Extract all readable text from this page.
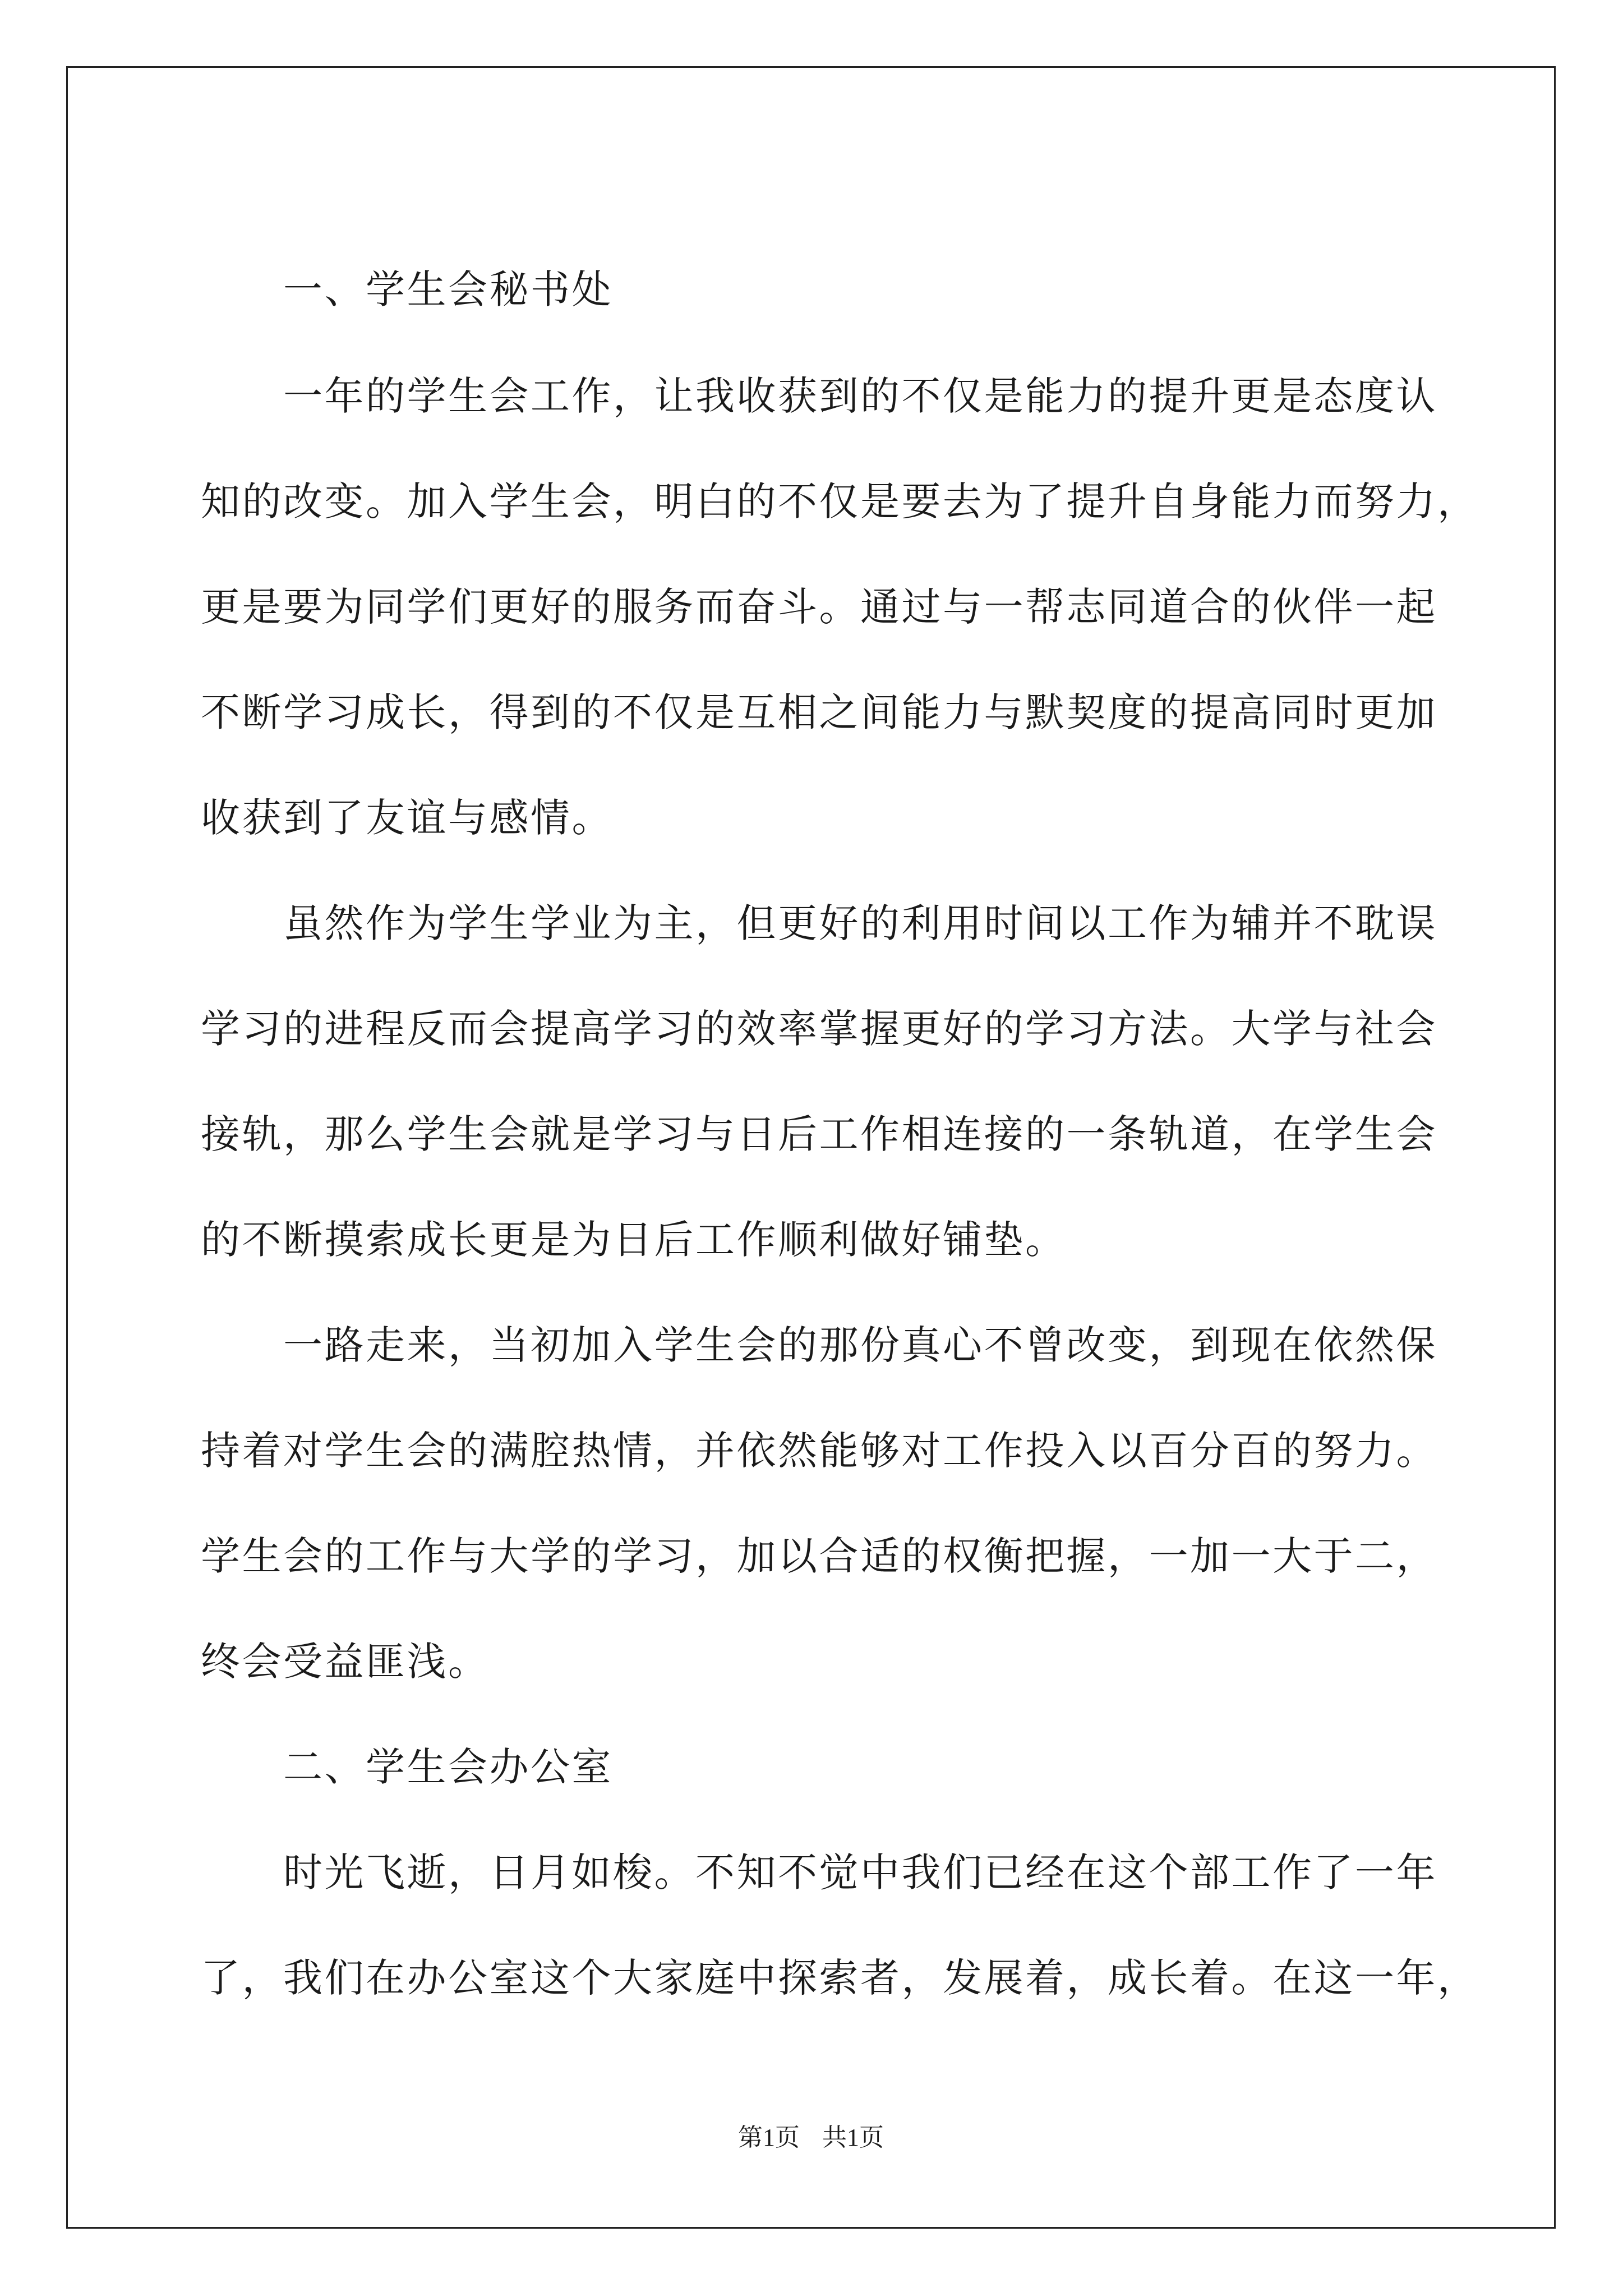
　　一、学生会秘书处
　　一年的学生会工作，让我收获到的不仅是能力的提升更是态度认
知的改变。加入学生会，明白的不仅是要去为了提升自身能力而努力，
更是要为同学们更好的服务而奋斗。通过与一帮志同道合的伙伴一起
不断学习成长，得到的不仅是互相之间能力与默契度的提高同时更加
收获到了友谊与感情。
　　虽然作为学生学业为主，但更好的利用时间以工作为辅并不耽误
学习的进程反而会提高学习的效率掌握更好的学习方法。大学与社会
接轨，那么学生会就是学习与日后工作相连接的一条轨道，在学生会
的不断摸索成长更是为日后工作顺利做好铺垫。
　　一路走来，当初加入学生会的那份真心不曾改变，到现在依然保
持着对学生会的满腔热情，并依然能够对工作投入以百分百的努力。
学生会的工作与大学的学习，加以合适的权衡把握，一加一大于二，
终会受益匪浅。
　　二、学生会办公室
　　时光飞逝，日月如梭。不知不觉中我们已经在这个部工作了一年
了，我们在办公室这个大家庭中探索者，发展着，成长着。在这一年，
第1页 共1页
